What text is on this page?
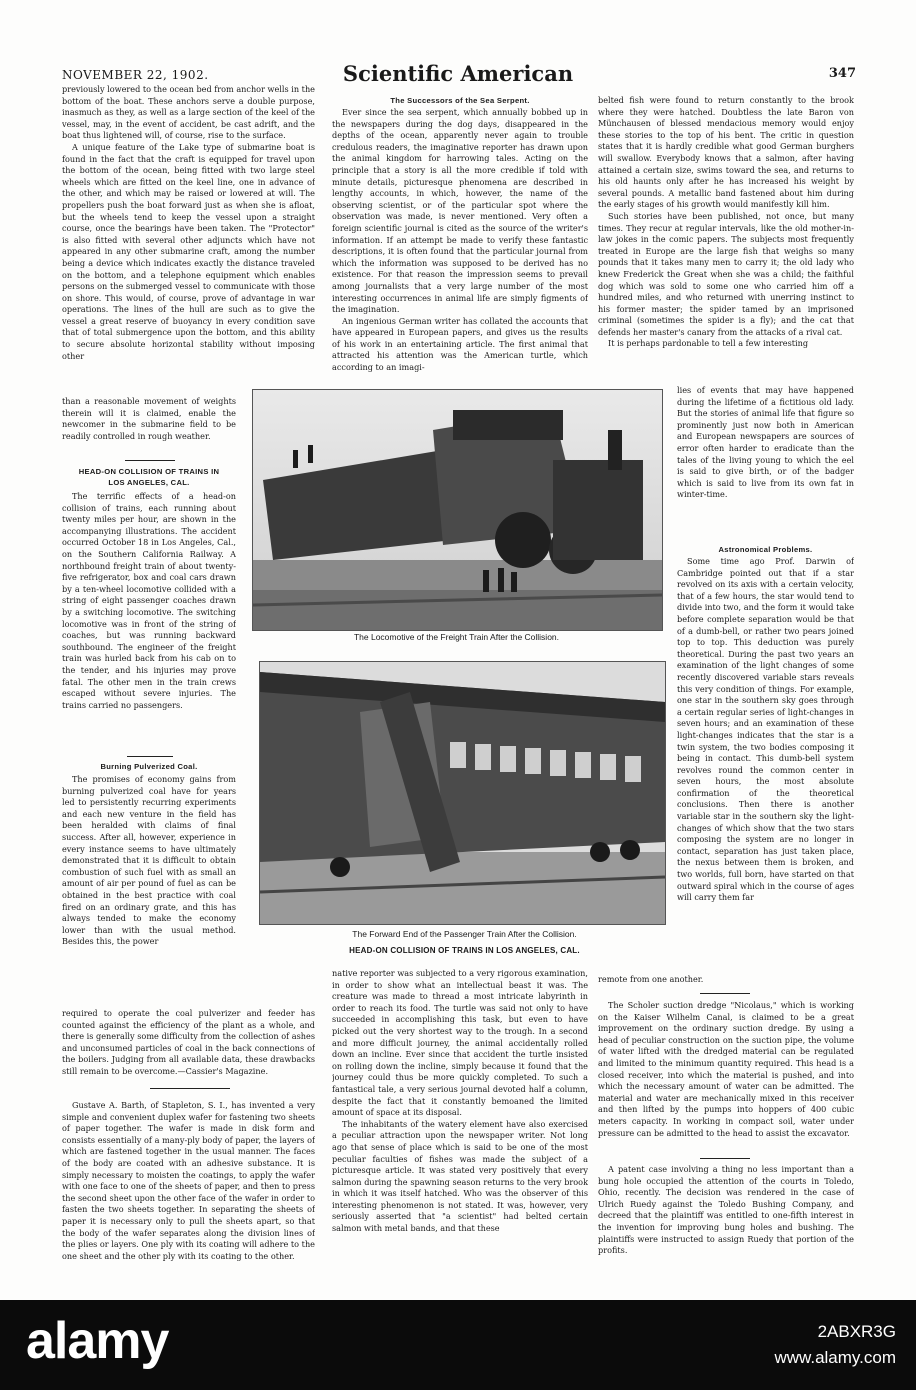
NOVEMBER 22, 1902.	Scientific American	347

previously lowered to the ocean bed from anchor wells in the bottom of the boat. These anchors serve a double purpose, inasmuch as they, as well as a large section of the keel of the vessel, may, in the event of accident, be cast adrift, and the boat thus lightened will, of course, rise to the surface.

A unique feature of the Lake type of submarine boat is found in the fact that the craft is equipped for travel upon the bottom of the ocean, being fitted with two large steel wheels which are fitted on the keel line, one in advance of the other, and which may be raised or lowered at will. The propellers push the boat forward just as when she is afloat, but the wheels tend to keep the vessel upon a straight course, once the bearings have been taken. The "Protector" is also fitted with several other adjuncts which have not appeared in any other submarine craft, among the number being a device which indicates exactly the distance traveled on the bottom, and a telephone equipment which enables persons on the submerged vessel to communicate with those on shore. This would, of course, prove of advantage in war operations. The lines of the hull are such as to give the vessel a great reserve of buoyancy in every condition save that of total submergence upon the bottom, and this ability to secure absolute horizontal stability without imposing other

than a reasonable movement of weights therein will it is claimed, enable the newcomer in the submarine field to be readily controlled in rough weather.

HEAD-ON COLLISION OF TRAINS IN
LOS ANGELES, CAL.

The terrific effects of a head-on collision of trains, each running about twenty miles per hour, are shown in the accompanying illustrations. The accident occurred October 18 in Los Angeles, Cal., on the Southern California Railway. A northbound freight train of about twenty-five refrigerator, box and coal cars drawn by a ten-wheel locomotive collided with a string of eight passenger coaches drawn by a switching locomotive. The switching locomotive was in front of the string of coaches, but was running backward southbound. The engineer of the freight train was hurled back from his cab on to the tender, and his injuries may prove fatal. The other men in the train crews escaped without severe injuries. The trains carried no passengers.

Burning Pulverized Coal.

The promises of economy gains from burning pulverized coal have for years led to persistently recurring experiments and each new venture in the field has been heralded with claims of final success. After all, however, experience in every instance seems to have ultimately demonstrated that it is difficult to obtain combustion of such fuel with as small an amount of air per pound of fuel as can be obtained in the best practice with coal fired on an ordinary grate, and this has always tended to make the economy lower than with the usual method. Besides this, the power

required to operate the coal pulverizer and feeder has counted against the efficiency of the plant as a whole, and there is generally some difficulty from the collection of ashes and unconsumed particles of coal in the back connections of the boilers. Judging from all available data, these drawbacks still remain to be overcome.—Cassier's Magazine.

Gustave A. Barth, of Stapleton, S. I., has invented a very simple and convenient duplex wafer for fastening two sheets of paper together. The wafer is made in disk form and consists essentially of a many-ply body of paper, the layers of which are fastened together in the usual manner. The faces of the body are coated with an adhesive substance. It is simply necessary to moisten the coatings, to apply the wafer with one face to one of the sheets of paper, and then to press the second sheet upon the other face of the wafer in order to fasten the two sheets together. In separating the sheets of paper it is necessary only to pull the sheets apart, so that the body of the wafer separates along the division lines of the plies or layers. One ply with its coating will adhere to the one sheet and the other ply with its coating to the other.

The Successors of the Sea Serpent.

Ever since the sea serpent, which annually bobbed up in the newspapers during the dog days, disappeared in the depths of the ocean, apparently never again to trouble credulous readers, the imaginative reporter has drawn upon the animal kingdom for harrowing tales. Acting on the principle that a story is all the more credible if told with minute details, picturesque phenomena are described in lengthy accounts, in which, however, the name of the observing scientist, or of the particular spot where the observation was made, is never mentioned. Very often a foreign scientific journal is cited as the source of the writer's information. If an attempt be made to verify these fantastic descriptions, it is often found that the particular journal from which the information was supposed to be derived has no existence. For that reason the impression seems to prevail among journalists that a very large number of the most interesting occurrences in animal life are simply figments of the imagination.

An ingenious German writer has collated the accounts that have appeared in European papers, and gives us the results of his work in an entertaining article. The first animal that attracted his attention was the American turtle, which according to an imagi-

belted fish were found to return constantly to the brook where they were hatched. Doubtless the late Baron von Münchausen of blessed mendacious memory would enjoy these stories to the top of his bent. The critic in question states that it is hardly credible what good German burghers will swallow. Everybody knows that a salmon, after having attained a certain size, swims toward the sea, and returns to his old haunts only after he has increased his weight by several pounds. A metallic band fastened about him during the early stages of his growth would manifestly kill him.

Such stories have been published, not once, but many times. They recur at regular intervals, like the old mother-in-law jokes in the comic papers. The subjects most frequently treated in Europe are the large fish that weighs so many pounds that it takes many men to carry it; the old lady who knew Frederick the Great when she was a child; the faithful dog which was sold to some one who carried him off a hundred miles, and who returned with unerring instinct to his former master; the spider tamed by an imprisoned criminal (sometimes the spider is a fly); and the cat that defends her master's canary from the attacks of a rival cat.

It is perhaps pardonable to tell a few interesting

lies of events that may have happened during the lifetime of a fictitious old lady. But the stories of animal life that figure so prominently just now both in American and European newspapers are sources of error often harder to eradicate than the tales of the living young to which the eel is said to give birth, or of the badger which is said to live from its own fat in winter-time.

Astronomical Problems.

Some time ago Prof. Darwin of Cambridge pointed out that if a star revolved on its axis with a certain velocity, that of a few hours, the star would tend to divide into two, and the form it would take before complete separation would be that of a dumb-bell, or rather two pears joined top to top. This deduction was purely theoretical. During the past two years an examination of the light changes of some recently discovered variable stars reveals this very condition of things. For example, one star in the southern sky goes through a certain regular series of light-changes in seven hours; and an examination of these light-changes indicates that the star is a twin system, the two bodies composing it being in contact. This dumb-bell system revolves round the common center in seven hours, the most absolute confirmation of the theoretical conclusions. Then there is another variable star in the southern sky the light-changes of which show that the two stars composing the system are no longer in contact, separation has just taken place, the nexus between them is broken, and two worlds, full born, have started on that outward spiral which in the course of ages will carry them far

The Locomotive of the Freight Train After the Collision.
The Forward End of the Passenger Train After the Collision.
HEAD-ON COLLISION OF TRAINS IN LOS ANGELES, CAL.

native reporter was subjected to a very rigorous examination, in order to show what an intellectual beast it was. The creature was made to thread a most intricate labyrinth in order to reach its food. The turtle was said not only to have succeeded in accomplishing this task, but even to have picked out the very shortest way to the trough. In a second and more difficult journey, the animal accidentally rolled down an incline. Ever since that accident the turtle insisted on rolling down the incline, simply because it found that the journey could thus be more quickly completed. To such a fantastical tale, a very serious journal devoted half a column, despite the fact that it constantly bemoaned the limited amount of space at its disposal.

The inhabitants of the watery element have also exercised a peculiar attraction upon the newspaper writer. Not long ago that sense of place which is said to be one of the most peculiar faculties of fishes was made the subject of a picturesque article. It was stated very positively that every salmon during the spawning season returns to the very brook in which it was itself hatched. Who was the observer of this interesting phenomenon is not stated. It was, however, very seriously asserted that "a scientist" had belted certain salmon with metal bands, and that these

remote from one another.

The Scholer suction dredge "Nicolaus," which is working on the Kaiser Wilhelm Canal, is claimed to be a great improvement on the ordinary suction dredge. By using a head of peculiar construction on the suction pipe, the volume of water lifted with the dredged material can be regulated and limited to the minimum quantity required. This head is a closed receiver, into which the material is pushed, and into which the necessary amount of water can be admitted. The material and water are mechanically mixed in this receiver and then lifted by the pumps into hoppers of 400 cubic meters capacity. In working in compact soil, water under pressure can be admitted to the head to assist the excavator.

A patent case involving a thing no less important than a bung hole occupied the attention of the courts in Toledo, Ohio, recently. The decision was rendered in the case of Ulrich Ruedy against the Toledo Bushing Company, and decreed that the plaintiff was entitled to one-fifth interest in the invention for improving bung holes and bushing. The plaintiffs were instructed to assign Ruedy that portion of the profits.

alamy	2ABXR3G
www.alamy.com
